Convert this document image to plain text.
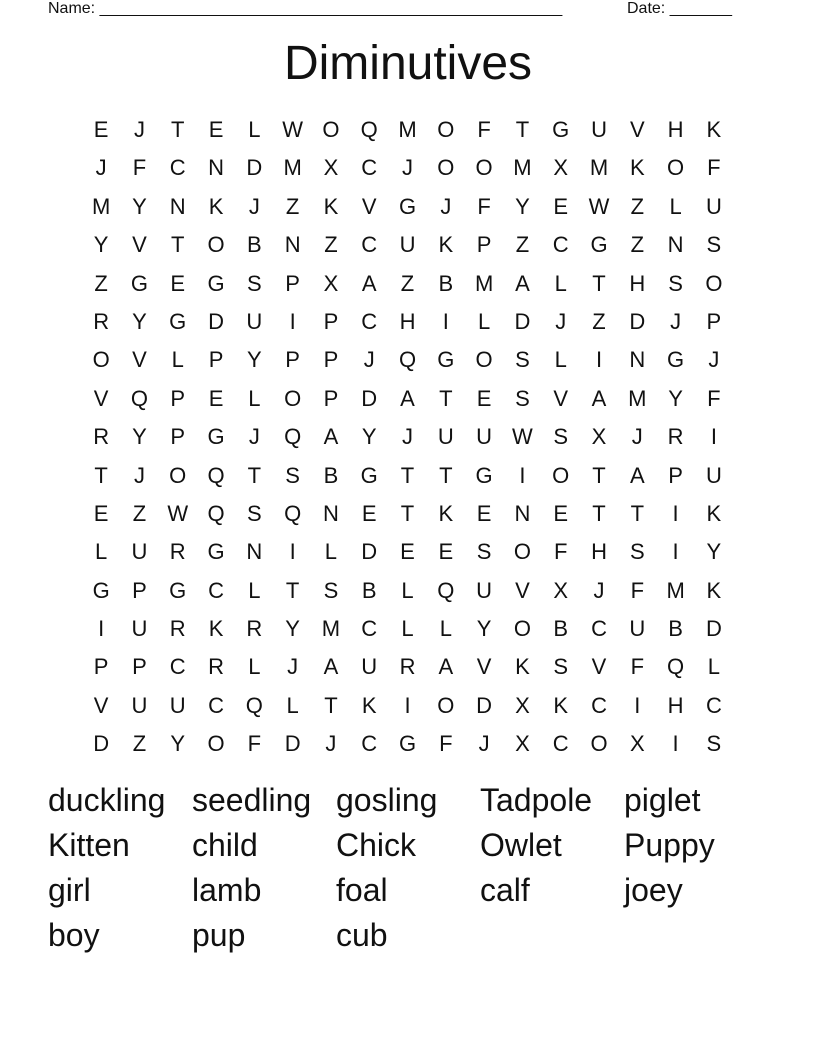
Name: ____________________________________________________	Date: _______
Diminutives
E	J	T	E	L W O Q M O	F	T	G U	V	H	K
J	F	C	N	D M X	C	J	O O M X M K	O	F
M Y	N	K	J	Z	K	V	G	J	F	Y	E W Z	L	U
Y	V	T	O	B	N	Z	C	U	K	P	Z	C G	Z	N	S
Z	G	E	G	S	P	X	A	Z	B M A	L	T	H	S	O
R	Y	G D	U	I	P	C	H	I	L	D	J	Z	D	J	P
O	V	L	P	Y	P	P	J	Q G O	S	L	I	N G	J
V	Q	P	E	L	O	P	D	A	T	E	S	V	A M Y	F
R	Y	P	G	J	Q	A	Y	J	U	U W S	X	J	R	I
T	J	O Q	T	S	B	G	T	T	G	I	O	T	A	P	U
E	Z W Q	S	Q N	E	T	K	E	N	E	T	T	I	K
L	U	R G N	I	L	D	E	E	S	O	F	H	S	I	Y
G	P	G C	L	T	S	B	L	Q U	V	X	J	F	M K
I	U	R	K	R	Y M C	L	L	Y	O	B	C	U	B	D
P	P	C	R	L	J	A	U	R	A	V	K	S	V	F	Q	L
V	U	U	C Q	L	T	K	I	O D	X	K	C	I	H	C
D	Z	Y	O	F	D	J	C G	F	J	X	C O	X	I	S
duckling seedling gosling	Tadpole piglet
Kitten	child	Chick	Owlet	Puppy
girl	lamb	foal	calf	joey
boy	pup	cub
